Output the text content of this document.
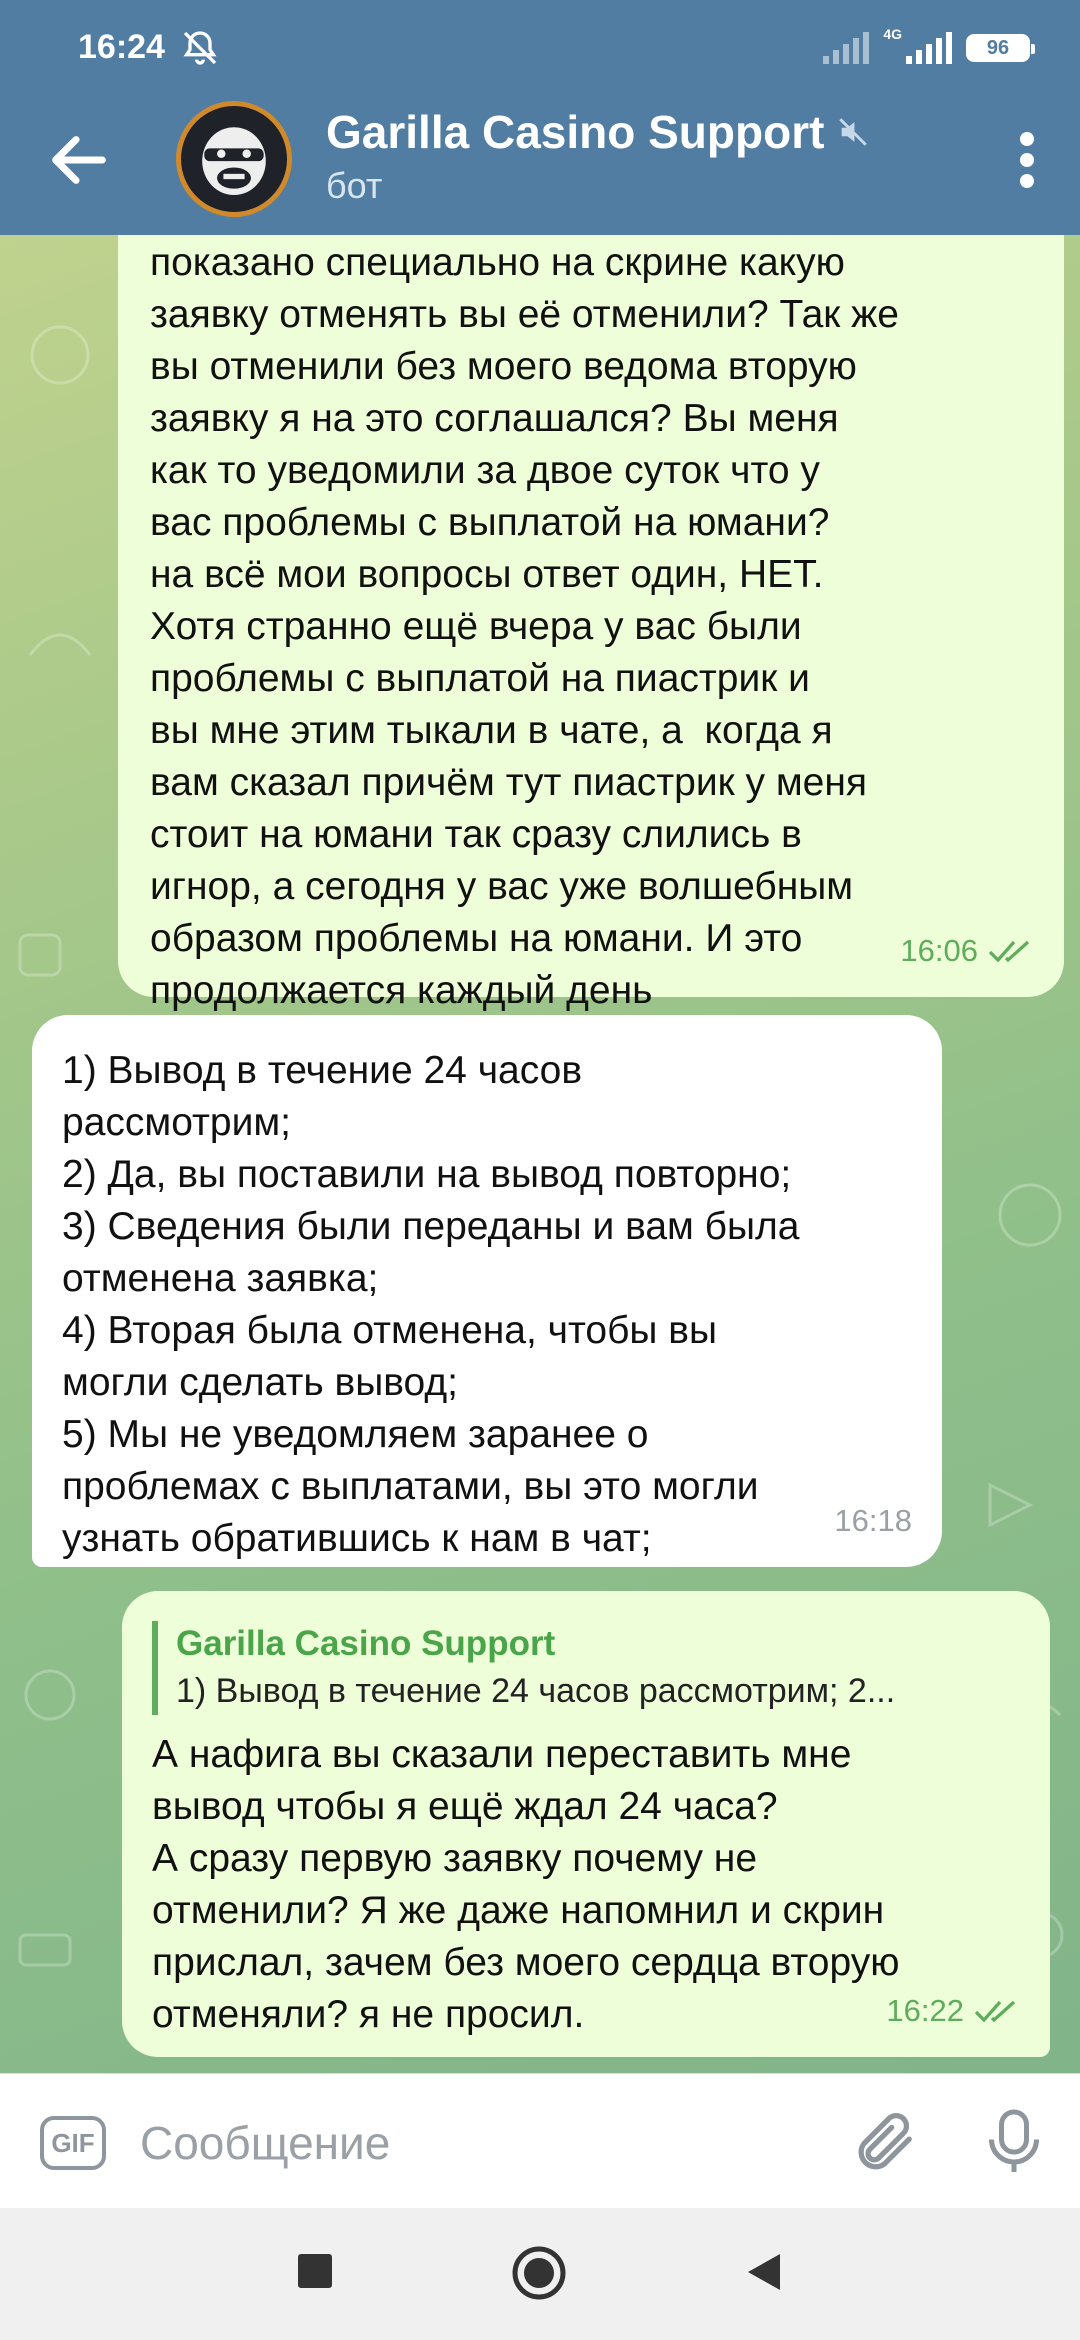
16:24	4G
96
Garilla Casino Support
бот
показано специально на скрине какую
заявку отменять вы её отменили? Так же
вы отменили без моего ведома вторую
заявку я на это соглашался? Вы меня
как то уведомили за двое суток что у
вас проблемы с выплатой на юмани?
на всё мои вопросы ответ один, НЕТ.
Хотя странно ещё вчера у вас были
проблемы с выплатой на пиастрик и
вы мне этим тыкали в чате, а  когда я
вам сказал причём тут пиастрик у меня
стоит на юмани так сразу слились в
игнор, а сегодня у вас уже волшебным
образом проблемы на юмани. И это
продолжается каждый день
16:06
1) Вывод в течение 24 часов
рассмотрим;
2) Да, вы поставили на вывод повторно;
3) Сведения были переданы и вам была
отменена заявка;
4) Вторая была отменена, чтобы вы
могли сделать вывод;
5) Мы не уведомляем заранее о
проблемах с выплатами, вы это могли
узнать обратившись к нам в чат;	16:18
Garilla Casino Support
1) Вывод в течение 24 часов рассмотрим; 2...
А нафига вы сказали переставить мне
вывод чтобы я ещё ждал 24 часа?
А сразу первую заявку почему не
отменили? Я же даже напомнил и скрин
прислал, зачем без моего сердца вторую
отменяли? я не просил.	16:22
GIF
Сообщение
